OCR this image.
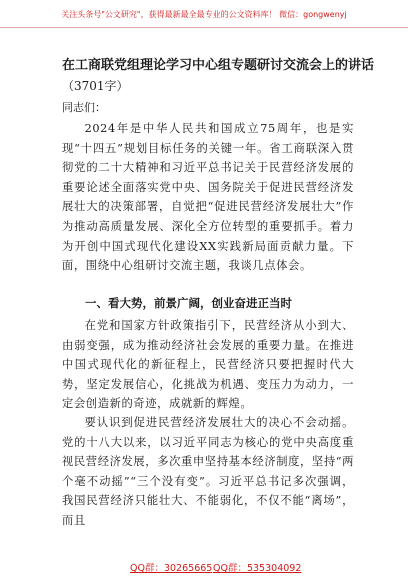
关注头条号"公文研究"，获得最新最全最专业的公文资料库！ 微信：gongwenyj
在工商联党组理论学习中心组专题研讨交流会上的讲话
（3701字）
同志们：
2024年是中华人民共和国成立75周年，也是实现“十四五”规划目标任务的关键一年。省工商联深入贯彻党的二十大精神和习近平总书记关于民营经济发展的重要论述全面落实党中央、国务院关于促进民营经济发展壮大的决策部署，自觉把“促进民营经济发展壮大”作为推动高质量发展、深化全方位转型的重要抓手。着力为开创中国式现代化建设XX实践新局面贡献力量。下面，围绕中心组研讨交流主题，我谈几点体会。
一、看大势，前景广阔，创业奋进正当时
在党和国家方针政策指引下，民营经济从小到大、由弱变强，成为推动经济社会发展的重要力量。在推进中国式现代化的新征程上，民营经济只要把握时代大势，坚定发展信心，化挑战为机遇、变压力为动力，一定会创造新的奇迹，成就新的辉煌。
要认识到促进民营经济发展壮大的决心不会动摇。党的十八大以来，以习近平同志为核心的党中央高度重视民营经济发展，多次重申坚持基本经济制度，坚持“两个毫不动摇”“三个没有变”。习近平总书记多次强调，我国民营经济只能壮大、不能弱化，不仅不能“离场”，而且
QQ群：30265665 QQ群：535304092
